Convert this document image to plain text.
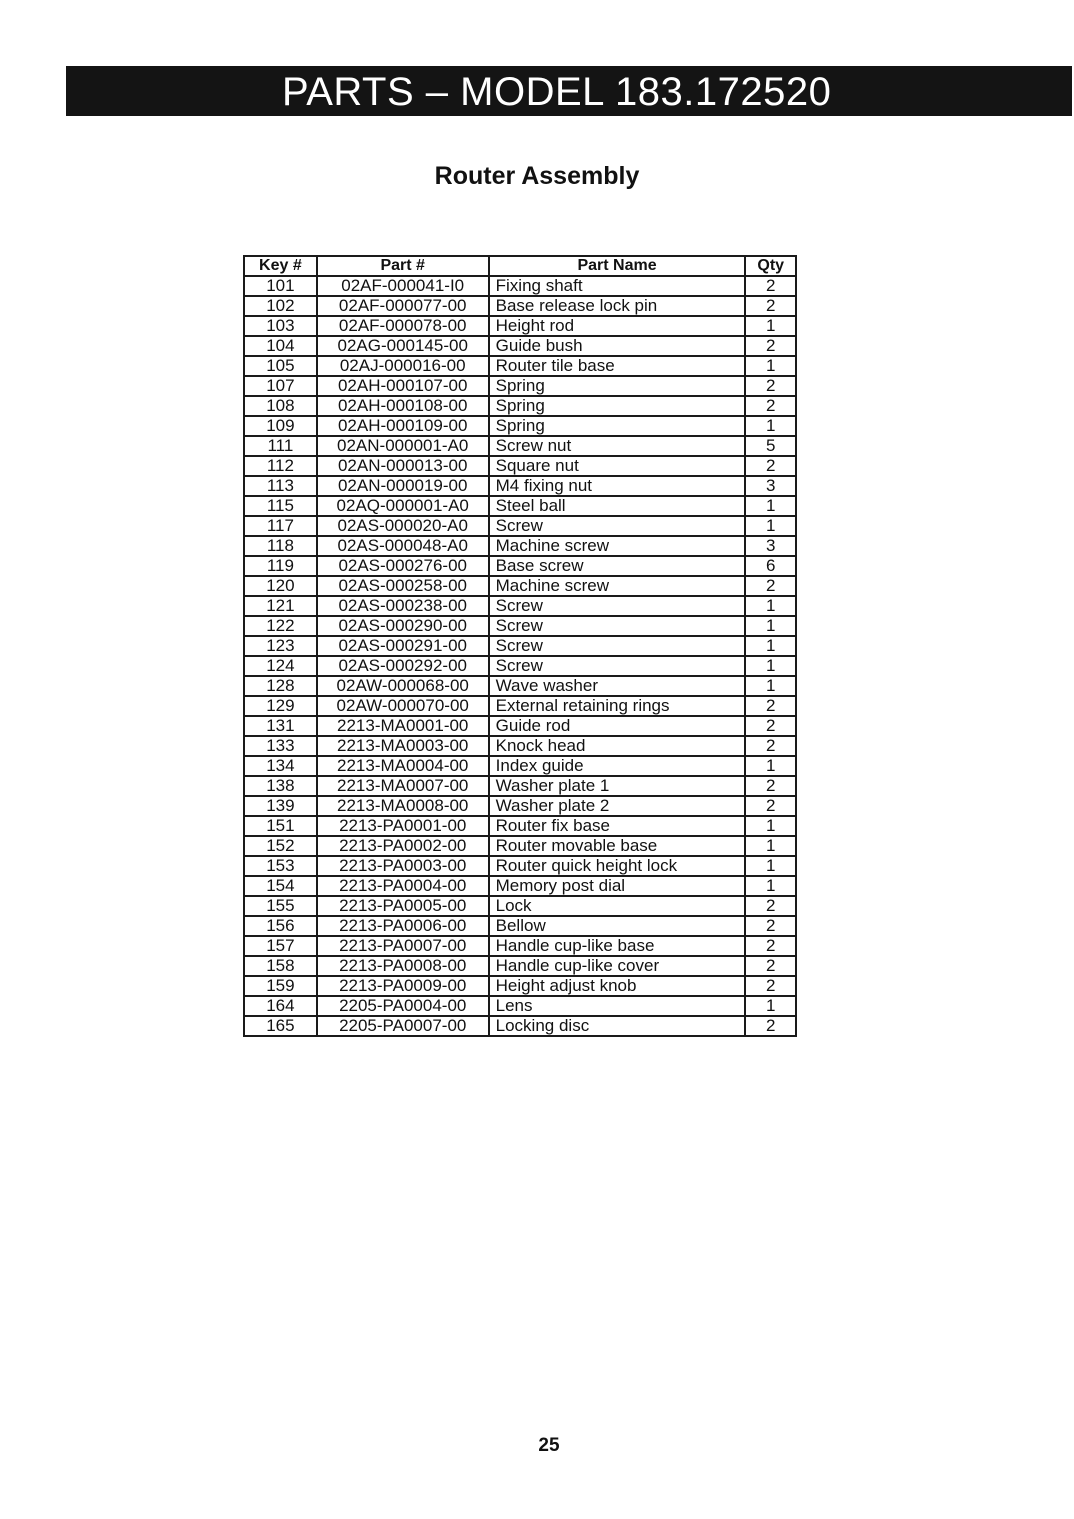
PARTS – MODEL 183.172520
Router Assembly
Key #	Part #	Part Name	Qty
101	02AF-000041-I0	Fixing shaft	2
102	02AF-000077-00	Base release lock pin	2
103	02AF-000078-00	Height rod	1
104	02AG-000145-00	Guide bush	2
105	02AJ-000016-00	Router tile base	1
107	02AH-000107-00	Spring	2
108	02AH-000108-00	Spring	2
109	02AH-000109-00	Spring	1
111	02AN-000001-A0	Screw nut	5
112	02AN-000013-00	Square nut	2
113	02AN-000019-00	M4 fixing nut	3
115	02AQ-000001-A0	Steel ball	1
117	02AS-000020-A0	Screw	1
118	02AS-000048-A0	Machine screw	3
119	02AS-000276-00	Base screw	6
120	02AS-000258-00	Machine screw	2
121	02AS-000238-00	Screw	1
122	02AS-000290-00	Screw	1
123	02AS-000291-00	Screw	1
124	02AS-000292-00	Screw	1
128	02AW-000068-00	Wave washer	1
129	02AW-000070-00	External retaining rings	2
131	2213-MA0001-00	Guide rod	2
133	2213-MA0003-00	Knock head	2
134	2213-MA0004-00	Index guide	1
138	2213-MA0007-00	Washer plate 1	2
139	2213-MA0008-00	Washer plate 2	2
151	2213-PA0001-00	Router fix base	1
152	2213-PA0002-00	Router movable base	1
153	2213-PA0003-00	Router quick height lock	1
154	2213-PA0004-00	Memory post dial	1
155	2213-PA0005-00	Lock	2
156	2213-PA0006-00	Bellow	2
157	2213-PA0007-00	Handle cup-like base	2
158	2213-PA0008-00	Handle cup-like cover	2
159	2213-PA0009-00	Height adjust knob	2
164	2205-PA0004-00	Lens	1
165	2205-PA0007-00	Locking disc	2
25
